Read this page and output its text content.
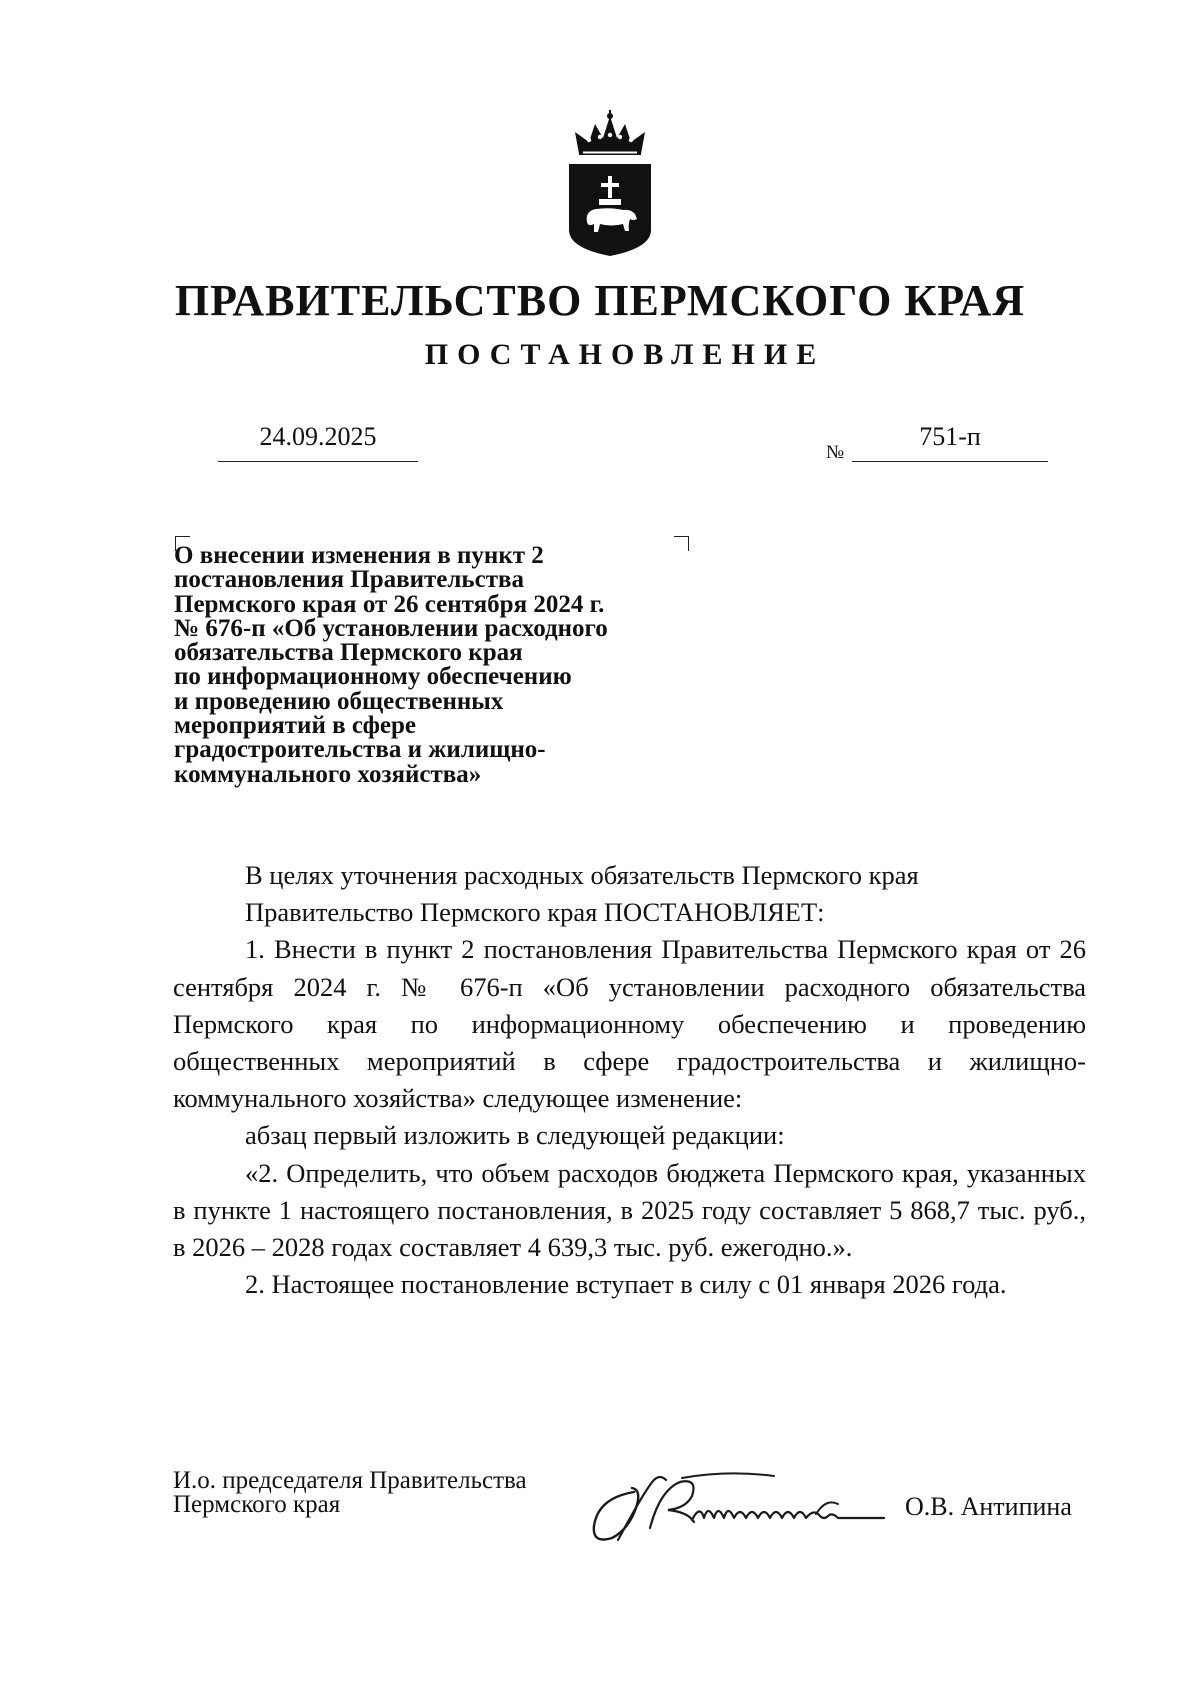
ПРАВИТЕЛЬСТВО ПЕРМСКОГО КРАЯ
ПОСТАНОВЛЕНИЕ
24.09.2025
№
751-п
О внесении изменения в пункт 2
постановления Правительства
Пермского края от 26 сентября 2024 г.
№ 676-п «Об установлении расходного
обязательства Пермского края
по информационному обеспечению
и проведению общественных
мероприятий в сфере
градостроительства и жилищно-
коммунального хозяйства»

В целях уточнения расходных обязательств Пермского края

Правительство Пермского края ПОСТАНОВЛЯЕТ:

1. Внести в пункт 2 постановления Правительства Пермского края от 26 сентября 2024 г. № 676-п «Об установлении расходного обязательства Пермского края по информационному обеспечению и проведению общественных мероприятий в сфере градостроительства и жилищно-коммунального хозяйства» следующее изменение:

абзац первый изложить в следующей редакции:

«2. Определить, что объем расходов бюджета Пермского края, указанных в пункте 1 настоящего постановления, в 2025 году составляет 5 868,7 тыс. руб., в 2026 – 2028 годах составляет 4 639,3 тыс. руб. ежегодно.».

2. Настоящее постановление вступает в силу с 01 января 2026 года.

И.о. председателя Правительства
Пермского края	О.В. Антипина
